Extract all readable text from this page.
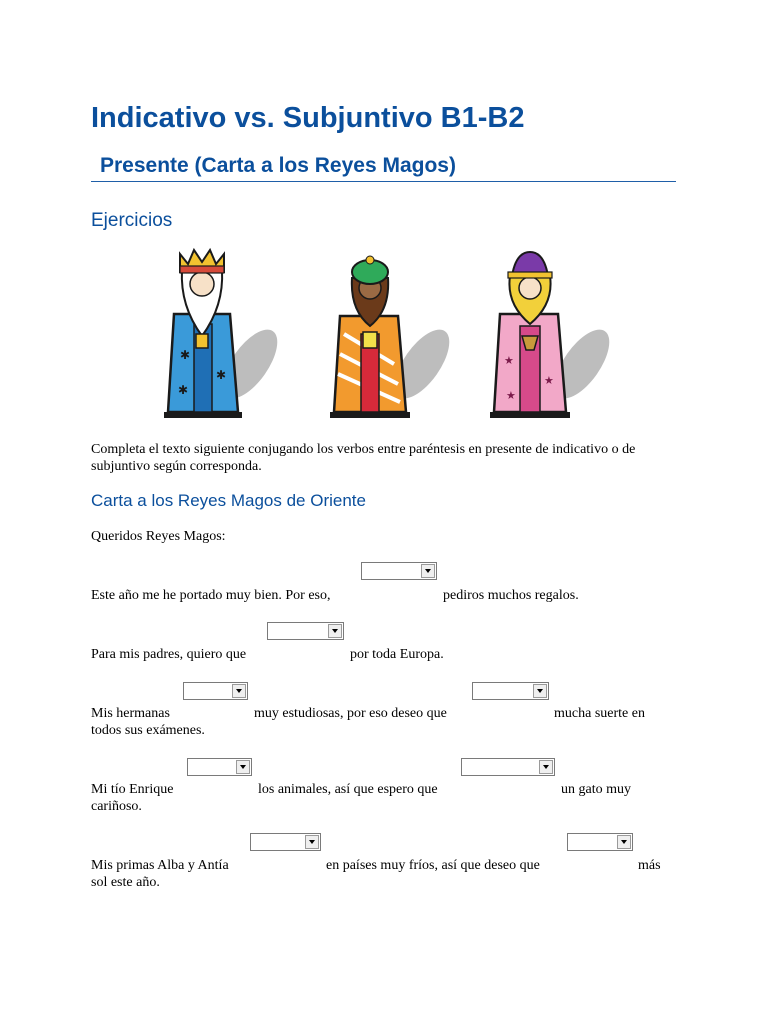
Indicativo vs. Subjuntivo B1-B2
Presente (Carta a los Reyes Magos)
Ejercicios
✱
✱
✱
★
★
★

Completa el texto siguiente conjugando los verbos entre paréntesis en presente de indicativo o de subjuntivo según corresponda.

Carta a los Reyes Magos de Oriente

Queridos Reyes Magos:

Este año me he portado muy bien. Por eso,	pediros muchos regalos.
Para mis padres, quiero que	por toda Europa.
Mis hermanas	muy estudiosas, por eso deseo que	mucha suerte en
todos sus exámenes.
Mi tío Enrique	los animales, así que espero que	un gato muy
cariñoso.
Mis primas Alba y Antía	en países muy fríos, así que deseo que	más
sol este año.
